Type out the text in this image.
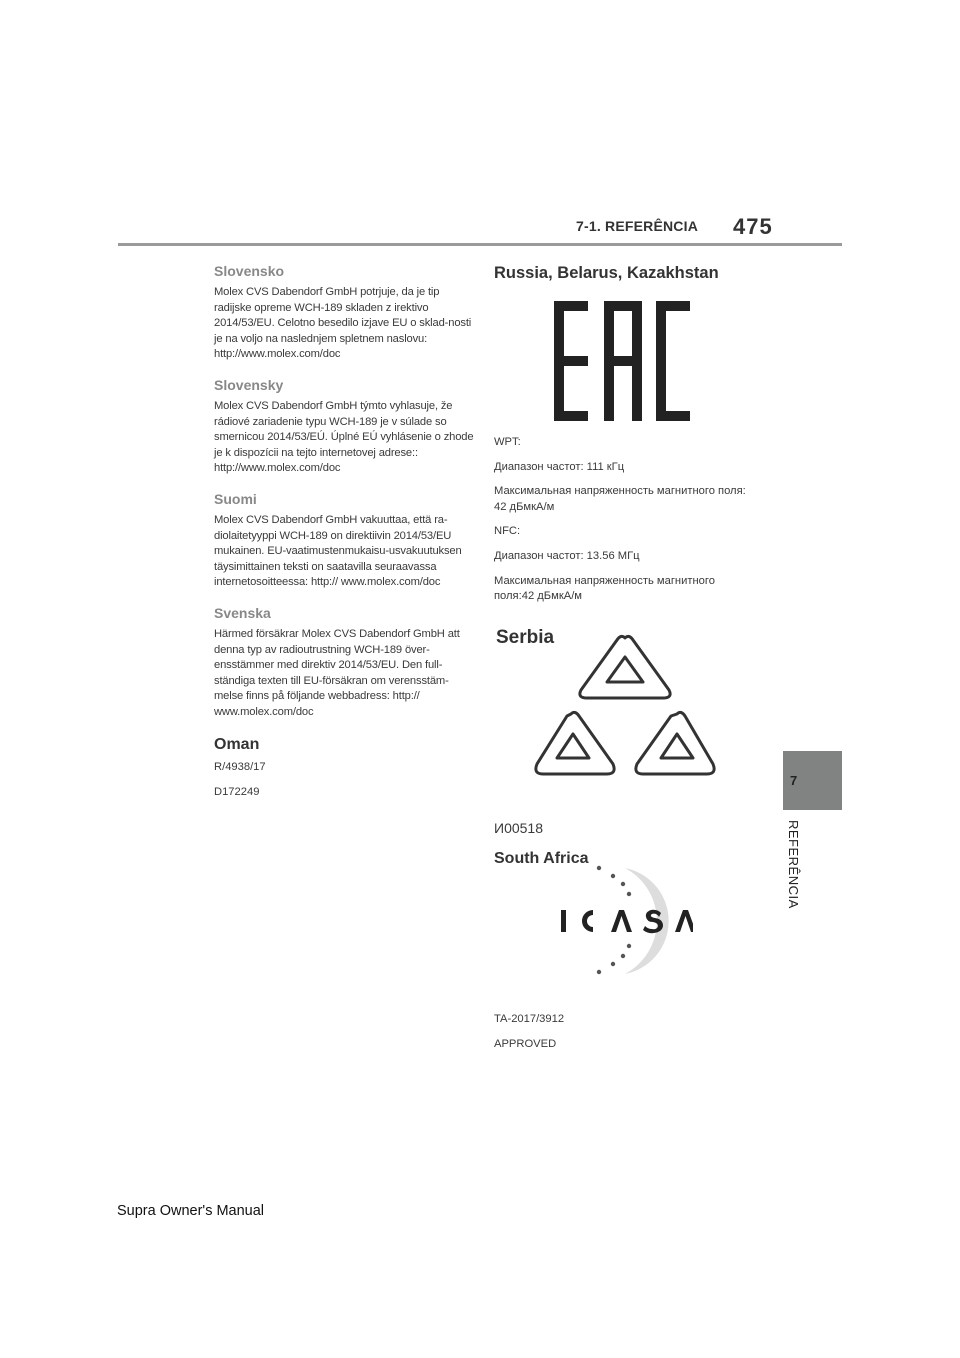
7-1. REFERÊNCIA 475
7
REFERÊNCIA
Slovensko

Molex CVS Dabendorf GmbH potrjuje, da je tip radijske opreme WCH-189 skladen z irektivo 2014/53/EU. Celotno besedilo izjave EU o sklad-nosti je na voljo na naslednjem spletnem naslovu: http://www.molex.com/doc

Slovensky

Molex CVS Dabendorf GmbH týmto vyhlasuje, že rádiové zariadenie typu WCH-189 je v súlade so smernicou 2014/53/EÚ. Úplné EÚ vyhlásenie o zhode je k dispozícii na tejto internetovej adrese:: http://www.molex.com/doc

Suomi

Molex CVS Dabendorf GmbH vakuuttaa, että ra-diolaitetyyppi WCH-189 on direktiivin 2014/53/EU mukainen. EU-vaatimustenmukaisu-usvakuutuksen täysimittainen teksti on saatavilla seuraavassa internetosoitteessa: http:// www.molex.com/doc

Svenska

Härmed försäkrar Molex CVS Dabendorf GmbH att denna typ av radioutrustning WCH-189 över-ensstämmer med direktiv 2014/53/EU. Den full-ständiga texten till EU-försäkran om verensstäm-melse finns på följande webbadress: http:// www.molex.com/doc

Oman

R/4938/17

D172249

Russia, Belarus, Kazakhstan

WPT:

Диапазон частот: 111 кГц

Максимальная напряженность магнитного поля: 42 дБмкА/м

NFC:

Диапазон частот: 13.56 МГц

Максимальная напряженность магнитного поля:42 дБмкА/м

Serbia

И00518

South Africa

TA-2017/3912

APPROVED

Supra Owner's Manual
